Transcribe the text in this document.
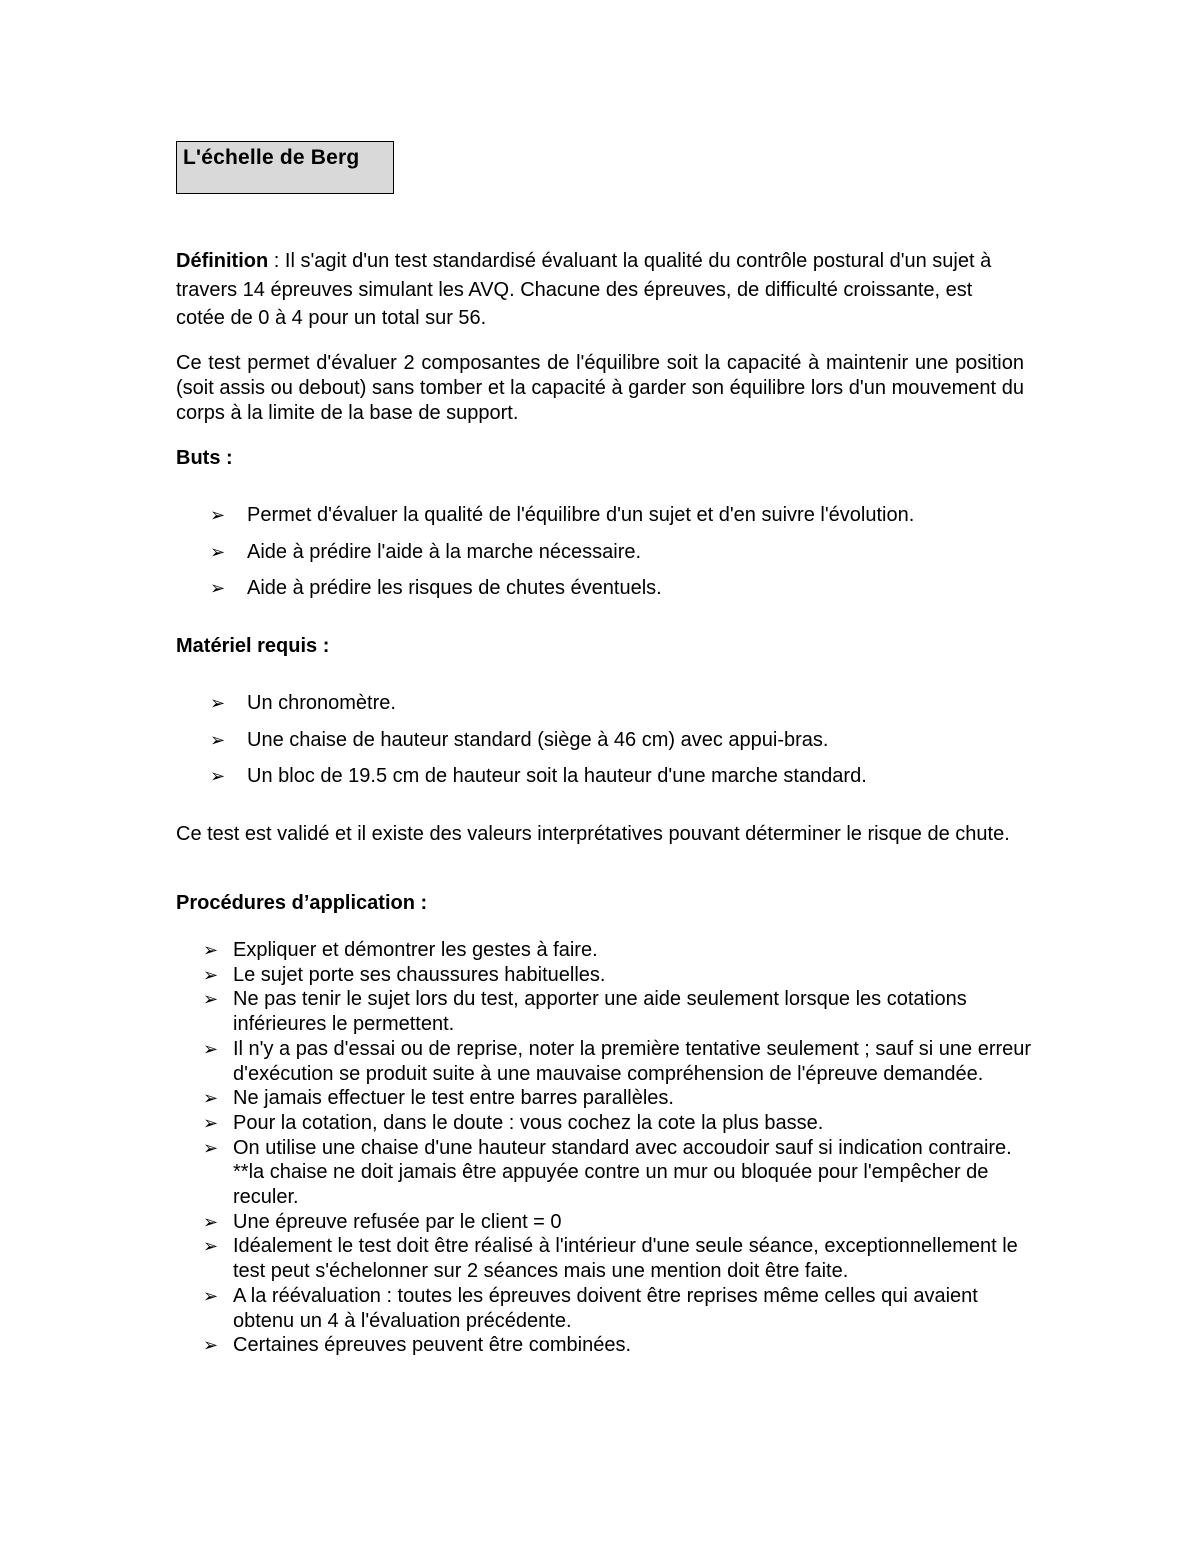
L'échelle de Berg
Définition : Il s'agit d'un test standardisé évaluant la qualité du contrôle postural d'un sujet à travers 14 épreuves simulant les AVQ. Chacune des épreuves, de difficulté croissante, est cotée de 0 à 4 pour un total sur 56.
Ce test permet d'évaluer 2 composantes de l'équilibre soit la capacité à maintenir une position (soit assis ou debout) sans tomber et la capacité à garder son équilibre lors d'un mouvement du corps à la limite de la base de support.
Buts :
➢ Permet d'évaluer la qualité de l'équilibre d'un sujet et d'en suivre l'évolution.
➢ Aide à prédire l'aide à la marche nécessaire.
➢ Aide à prédire les risques de chutes éventuels.
Matériel requis :
➢ Un chronomètre.
➢ Une chaise de hauteur standard (siège à 46 cm) avec appui-bras.
➢ Un bloc de 19.5 cm de hauteur soit la hauteur d'une marche standard.
Ce test est validé et il existe des valeurs interprétatives pouvant déterminer le risque de chute.
Procédures d’application :
➢ Expliquer et démontrer les gestes à faire.
➢ Le sujet porte ses chaussures habituelles.
➢ Ne pas tenir le sujet lors du test, apporter une aide seulement lorsque les cotations inférieures le permettent.
➢ Il n'y a pas d'essai ou de reprise, noter la première tentative seulement ; sauf si une erreur d'exécution se produit suite à une mauvaise compréhension de l'épreuve demandée.
➢ Ne jamais effectuer le test entre barres parallèles.
➢ Pour la cotation, dans le doute : vous cochez la cote la plus basse.
➢ On utilise une chaise d'une hauteur standard avec accoudoir sauf si indication contraire. **la chaise ne doit jamais être appuyée contre un mur ou bloquée pour l'empêcher de reculer.
➢ Une épreuve refusée par le client = 0
➢ Idéalement le test doit être réalisé à l'intérieur d'une seule séance, exceptionnellement le test peut s'échelonner sur 2 séances mais une mention doit être faite.
➢ A la réévaluation : toutes les épreuves doivent être reprises même celles qui avaient obtenu un 4 à l'évaluation précédente.
➢ Certaines épreuves peuvent être combinées.
